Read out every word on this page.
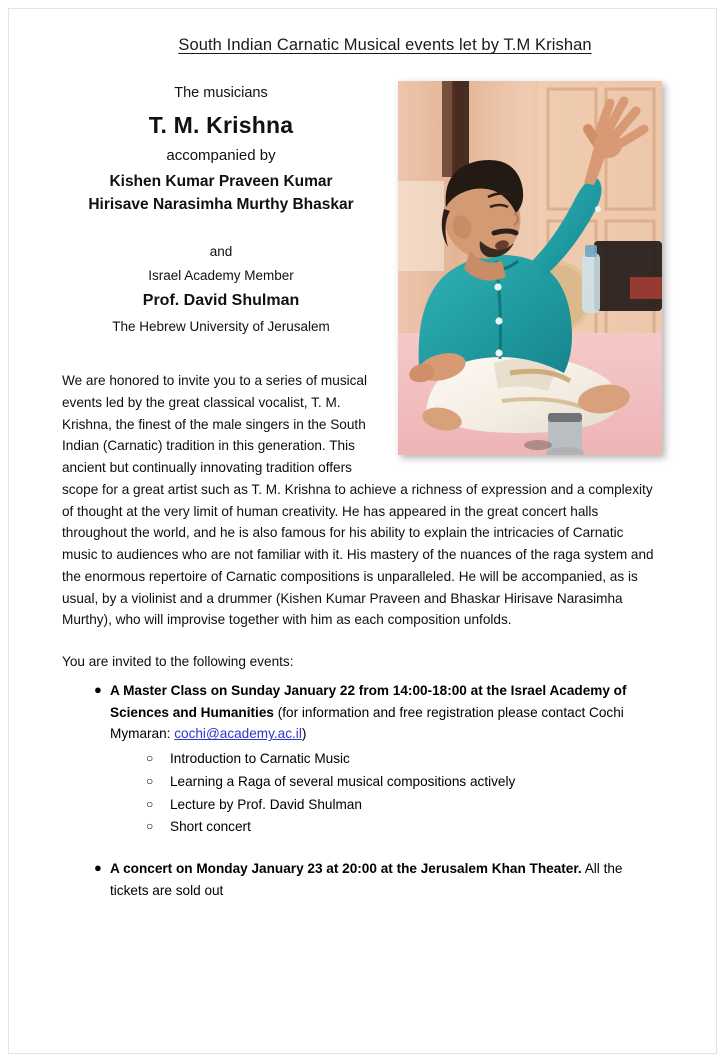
South Indian Carnatic Musical events let by T.M Krishan
The musicians
T. M. Krishna
accompanied by
Kishen Kumar Praveen Kumar
Hirisave Narasimha Murthy Bhaskar
and
Israel Academy Member
Prof. David Shulman
The Hebrew University of Jerusalem

We are honored to invite you to a series of musical events led by the great classical vocalist, T. M. Krishna, the finest of the male singers in the South Indian (Carnatic) tradition in this generation. This ancient but continually innovating tradition offers scope for a great artist such as T. M. Krishna to achieve a richness of expression and a complexity of thought at the very limit of human creativity. He has appeared in the great concert halls throughout the world, and he is also famous for his ability to explain the intricacies of Carnatic music to audiences who are not familiar with it. His mastery of the nuances of the raga system and the enormous repertoire of Carnatic compositions is unparalleled. He will be accompanied, as is usual, by a violinist and a drummer (Kishen Kumar Praveen and Bhaskar Hirisave Narasimha Murthy), who will improvise together with him as each composition unfolds.

You are invited to the following events:
● A Master Class on Sunday January 22 from 14:00-18:00 at the Israel Academy of Sciences and Humanities (for information and free registration please contact Cochi Mymaran: cochi@academy.ac.il)
○ Introduction to Carnatic Music
○ Learning a Raga of several musical compositions actively
○ Lecture by Prof. David Shulman
○ Short concert
● A concert on Monday January 23 at 20:00 at the Jerusalem Khan Theater. All the tickets are sold out
